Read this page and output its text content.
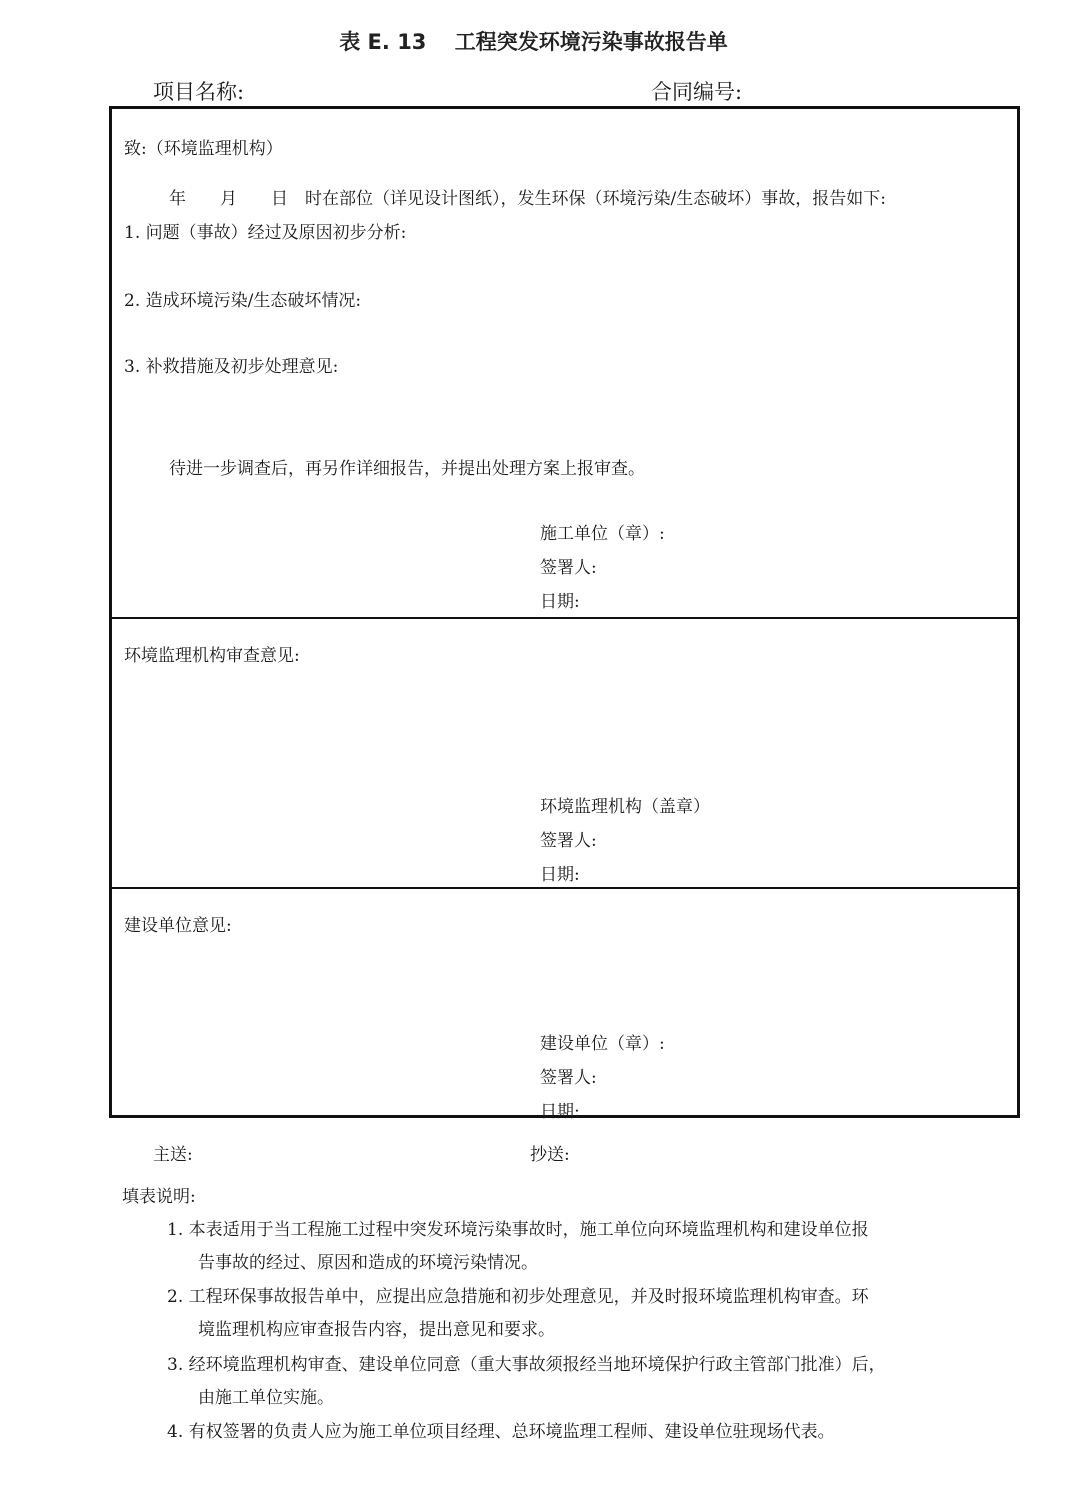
表 E. 13　 工程突发环境污染事故报告单
项目名称:	合同编号:
致:（环境监理机构）
年　　月　　日　时在部位（详见设计图纸），发生环保（环境污染/生态破坏）事故，报告如下:
1. 问题（事故）经过及原因初步分析:
2. 造成环境污染/生态破坏情况:
3. 补救措施及初步处理意见:
待进一步调查后，再另作详细报告，并提出处理方案上报审查。
施工单位（章）:
签署人:
日期:
环境监理机构审查意见:
环境监理机构（盖章）
签署人:
日期:
建设单位意见:
建设单位（章）:
签署人:
日期:
主送:	抄送:
填表说明:
1. 本表适用于当工程施工过程中突发环境污染事故时，施工单位向环境监理机构和建设单位报
告事故的经过、原因和造成的环境污染情况。
2. 工程环保事故报告单中，应提出应急措施和初步处理意见，并及时报环境监理机构审查。环
境监理机构应审查报告内容，提出意见和要求。
3. 经环境监理机构审查、建设单位同意（重大事故须报经当地环境保护行政主管部门批准）后，
由施工单位实施。
4. 有权签署的负责人应为施工单位项目经理、总环境监理工程师、建设单位驻现场代表。
